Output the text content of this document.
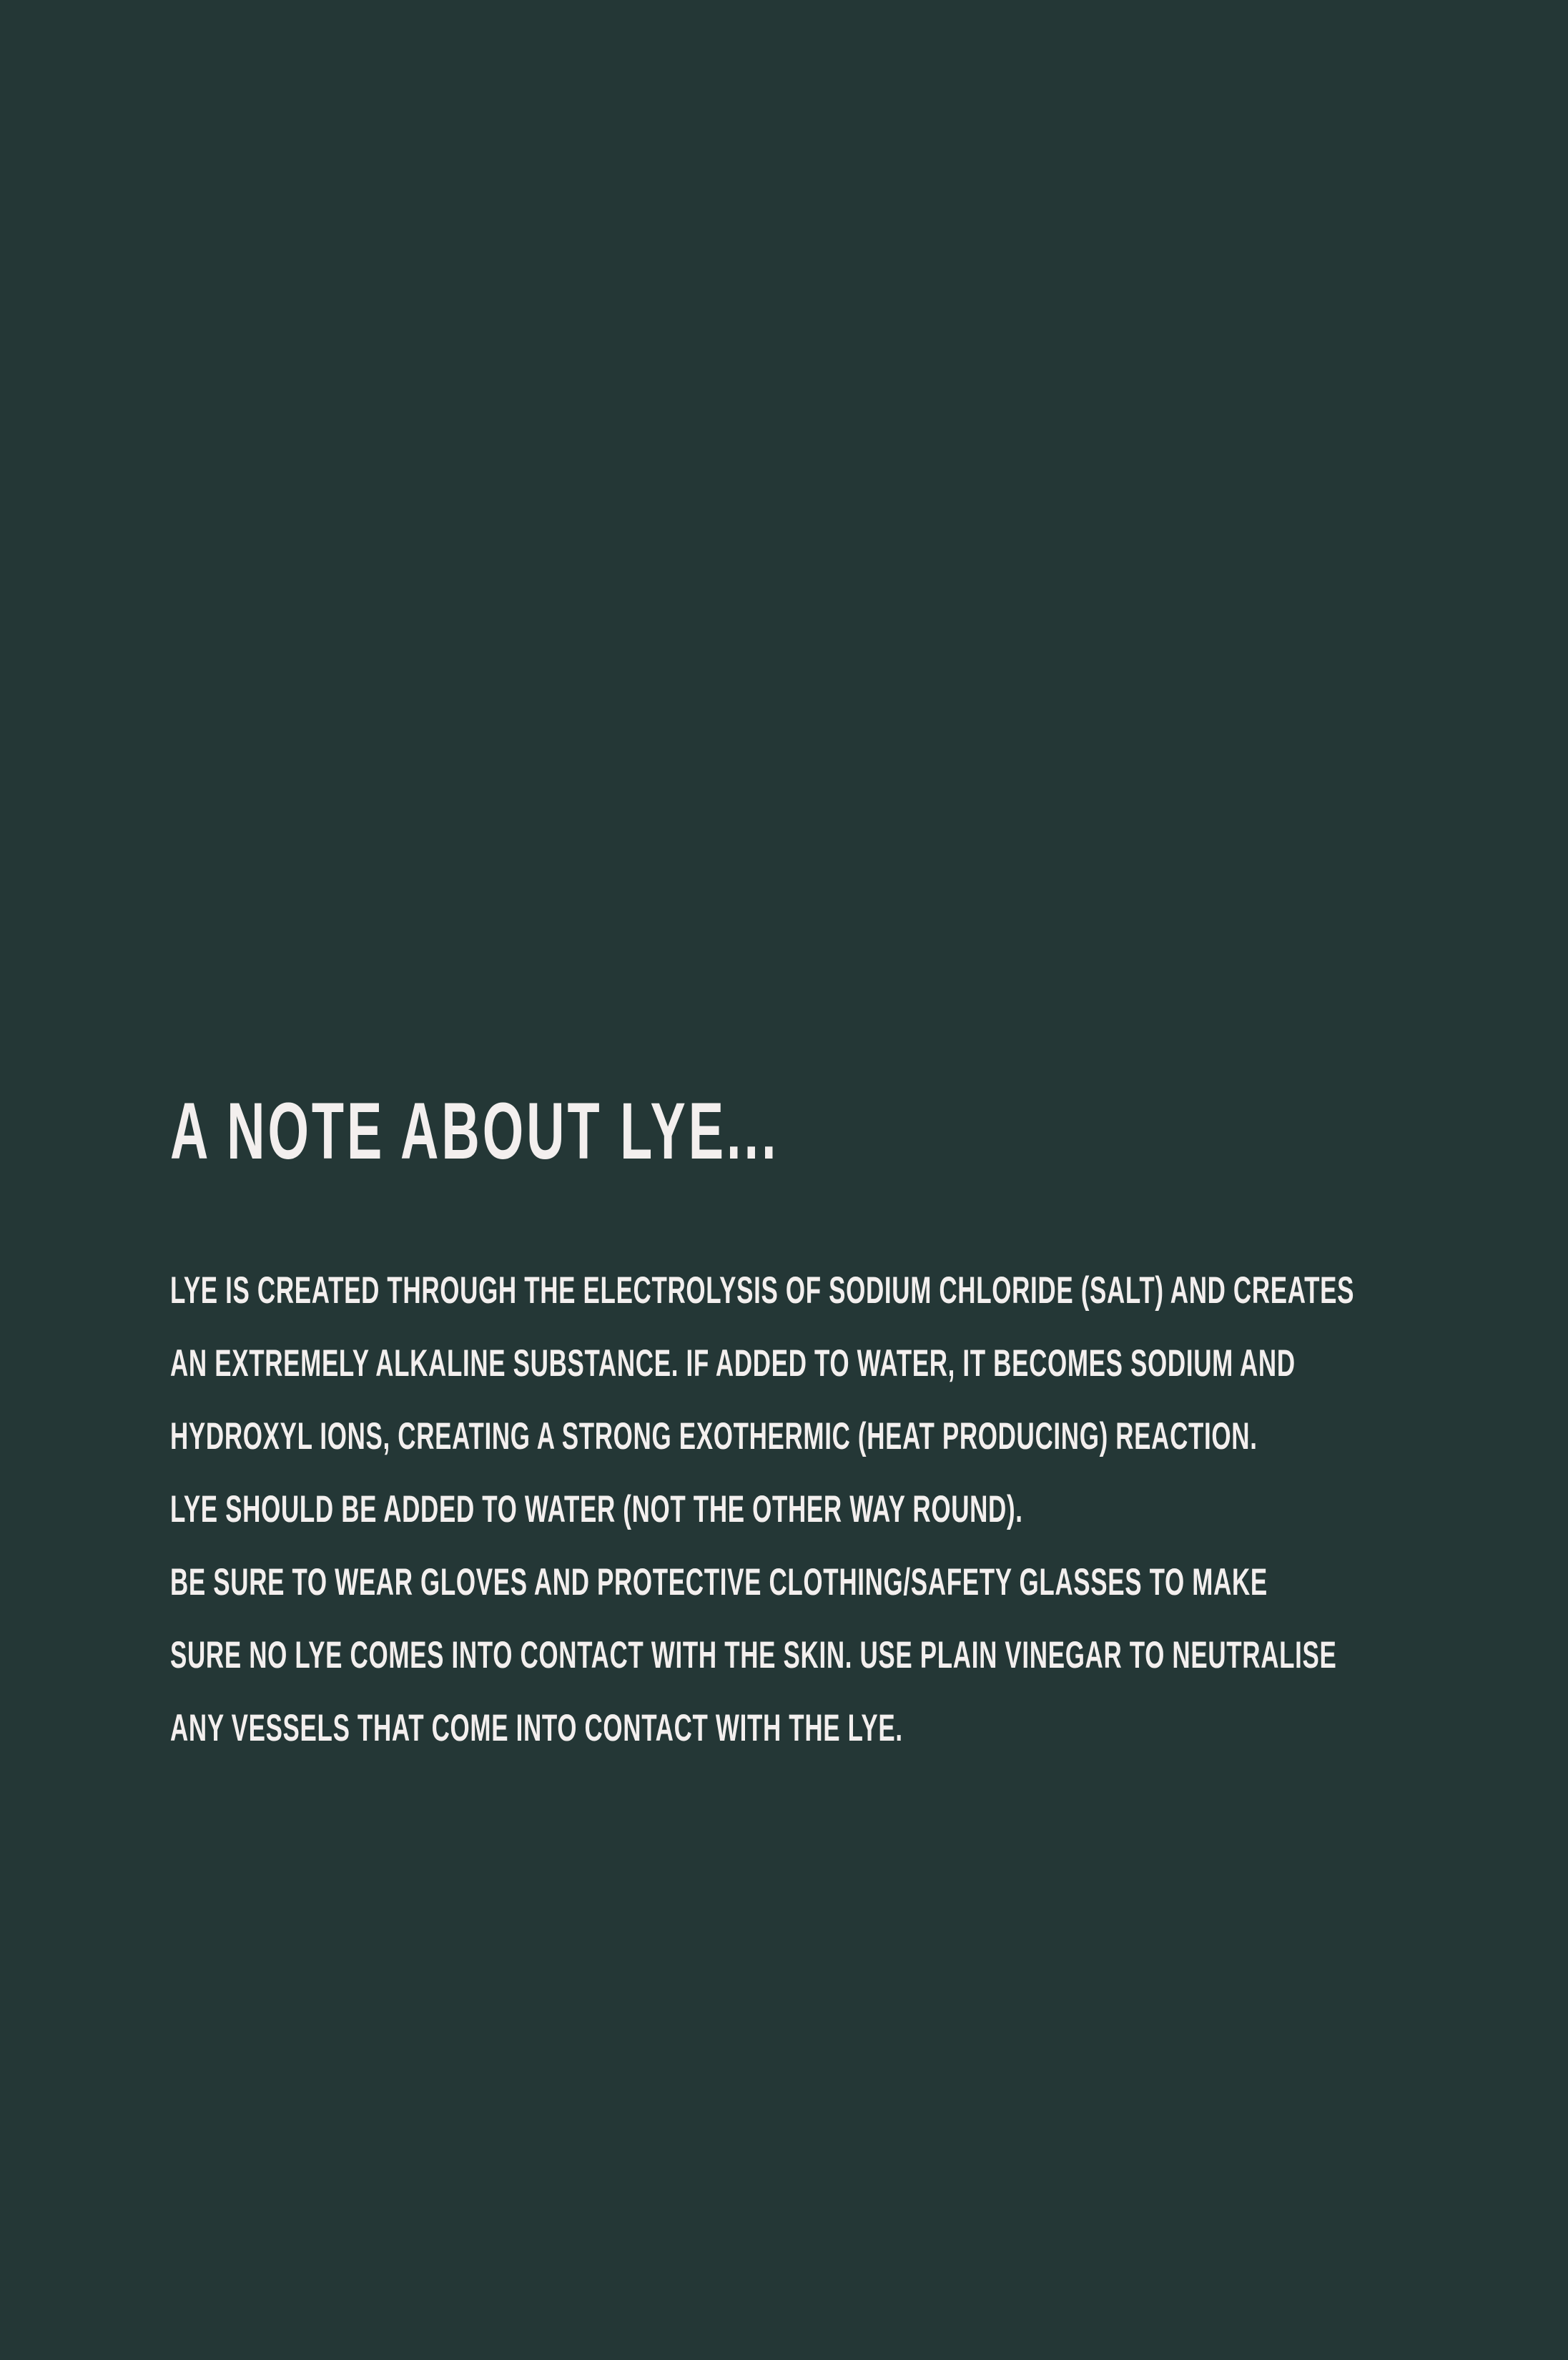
A NOTE ABOUT LYE...
LYE IS CREATED THROUGH THE ELECTROLYSIS OF SODIUM CHLORIDE (SALT) AND CREATES
AN EXTREMELY ALKALINE SUBSTANCE. IF ADDED TO WATER, IT BECOMES SODIUM AND
HYDROXYL IONS, CREATING A STRONG EXOTHERMIC (HEAT PRODUCING) REACTION.
LYE SHOULD BE ADDED TO WATER (NOT THE OTHER WAY ROUND).
BE SURE TO WEAR GLOVES AND PROTECTIVE CLOTHING/SAFETY GLASSES TO MAKE
SURE NO LYE COMES INTO CONTACT WITH THE SKIN. USE PLAIN VINEGAR TO NEUTRALISE
ANY VESSELS THAT COME INTO CONTACT WITH THE LYE.
